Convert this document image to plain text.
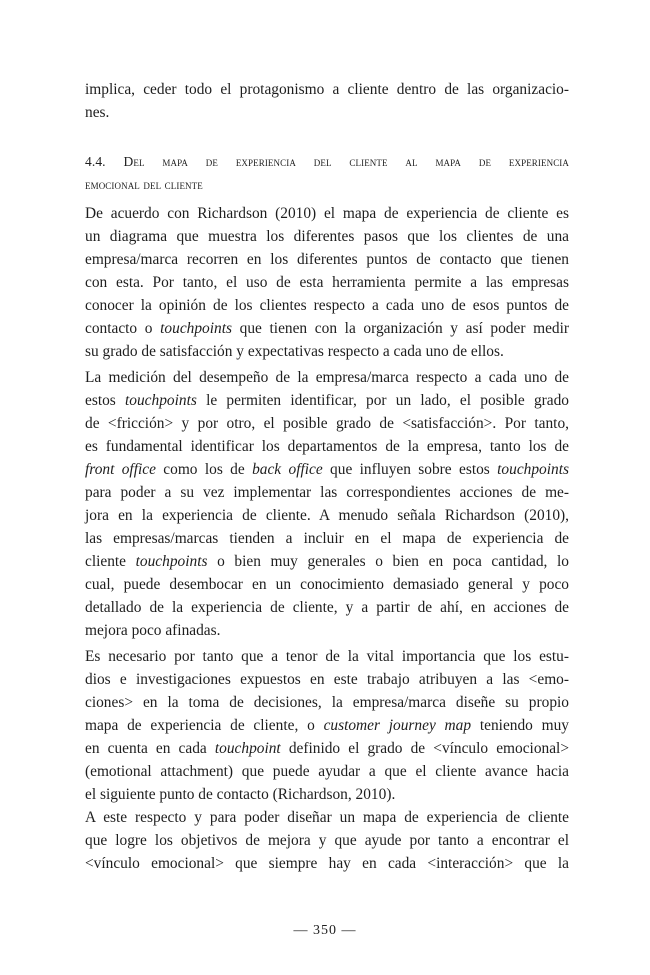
implica, ceder todo el protagonismo a cliente dentro de las organizacio-

nes.

4.4. Del mapa de experiencia del cliente al mapa de experiencia
emocional del cliente

De acuerdo con Richardson (2010) el mapa de experiencia de cliente es

un diagrama que muestra los diferentes pasos que los clientes de una

empresa/marca recorren en los diferentes puntos de contacto que tienen

con esta. Por tanto, el uso de esta herramienta permite a las empresas

conocer la opinión de los clientes respecto a cada uno de esos puntos de

contacto o touchpoints que tienen con la organización y así poder medir

su grado de satisfacción y expectativas respecto a cada uno de ellos.

La medición del desempeño de la empresa/marca respecto a cada uno de

estos touchpoints le permiten identificar, por un lado, el posible grado

de <fricción> y por otro, el posible grado de <satisfacción>. Por tanto,

es fundamental identificar los departamentos de la empresa, tanto los de

front office como los de back office que influyen sobre estos touchpoints

para poder a su vez implementar las correspondientes acciones de me-

jora en la experiencia de cliente. A menudo señala Richardson (2010),

las empresas/marcas tienden a incluir en el mapa de experiencia de

cliente touchpoints o bien muy generales o bien en poca cantidad, lo

cual, puede desembocar en un conocimiento demasiado general y poco

detallado de la experiencia de cliente, y a partir de ahí, en acciones de

mejora poco afinadas.

Es necesario por tanto que a tenor de la vital importancia que los estu-

dios e investigaciones expuestos en este trabajo atribuyen a las <emo-

ciones> en la toma de decisiones, la empresa/marca diseñe su propio

mapa de experiencia de cliente, o customer journey map teniendo muy

en cuenta en cada touchpoint definido el grado de <vínculo emocional>

(emotional attachment) que puede ayudar a que el cliente avance hacia

el siguiente punto de contacto (Richardson, 2010).

A este respecto y para poder diseñar un mapa de experiencia de cliente

que logre los objetivos de mejora y que ayude por tanto a encontrar el

<vínculo emocional> que siempre hay en cada <interacción> que la

— 350 —
